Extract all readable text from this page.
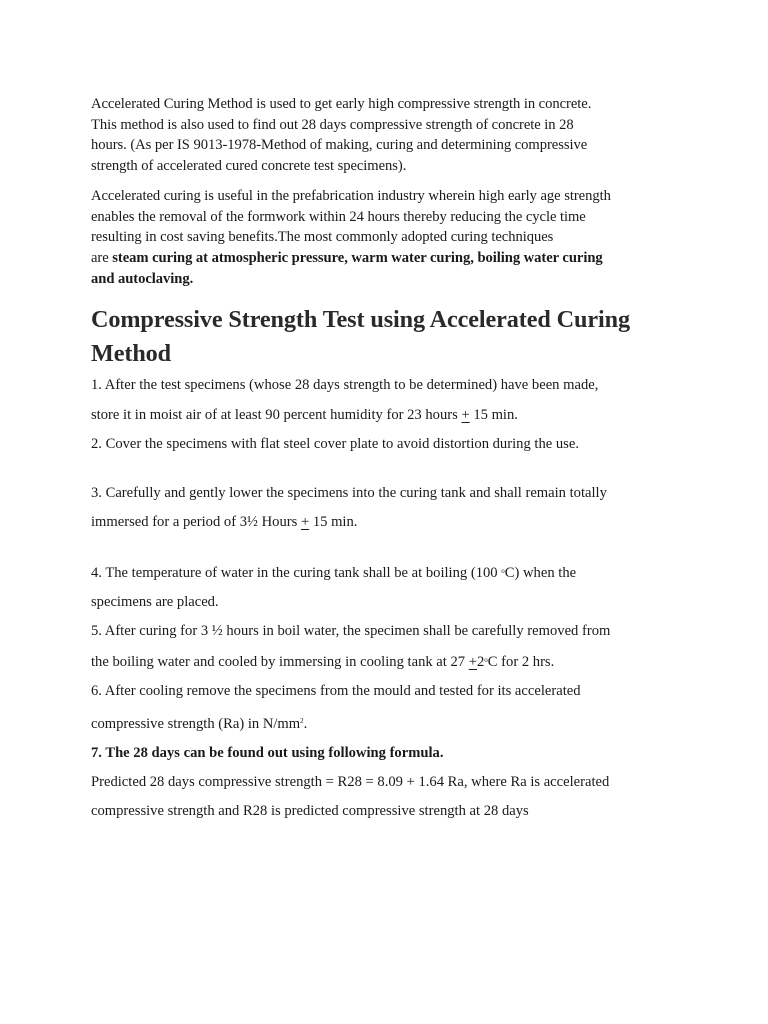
Accelerated Curing Method is used to get early high compressive strength in concrete.
This method is also used to find out 28 days compressive strength of concrete in 28
hours. (As per IS 9013-1978-Method of making, curing and determining compressive
strength of accelerated cured concrete test specimens).

Accelerated curing is useful in the prefabrication industry wherein high early age strength
enables the removal of the formwork within 24 hours thereby reducing the cycle time
resulting in cost saving benefits.The most commonly adopted curing techniques
are steam curing at atmospheric pressure, warm water curing, boiling water curing
and autoclaving.

Compressive Strength Test using Accelerated Curing
Method
1. After the test specimens (whose 28 days strength to be determined) have been made,
store it in moist air of at least 90 percent humidity for 23 hours + 15 min.
2. Cover the specimens with flat steel cover plate to avoid distortion during the use.
3. Carefully and gently lower the specimens into the curing tank and shall remain totally
immersed for a period of 3½ Hours + 15 min.
4. The temperature of water in the curing tank shall be at boiling (100 $^o$C) when the
specimens are placed.
5. After curing for 3 ½ hours in boil water, the specimen shall be carefully removed from
the boiling water and cooled by immersing in cooling tank at $27 +2^oC$ for 2 hrs.
6. After cooling remove the specimens from the mould and tested for its accelerated
compressive strength (Ra) in $N/mm^2$.
7. The 28 days can be found out using following formula.
Predicted 28 days compressive strength = R28 = 8.09 + 1.64 Ra, where Ra is accelerated
compressive strength and R28 is predicted compressive strength at 28 days
